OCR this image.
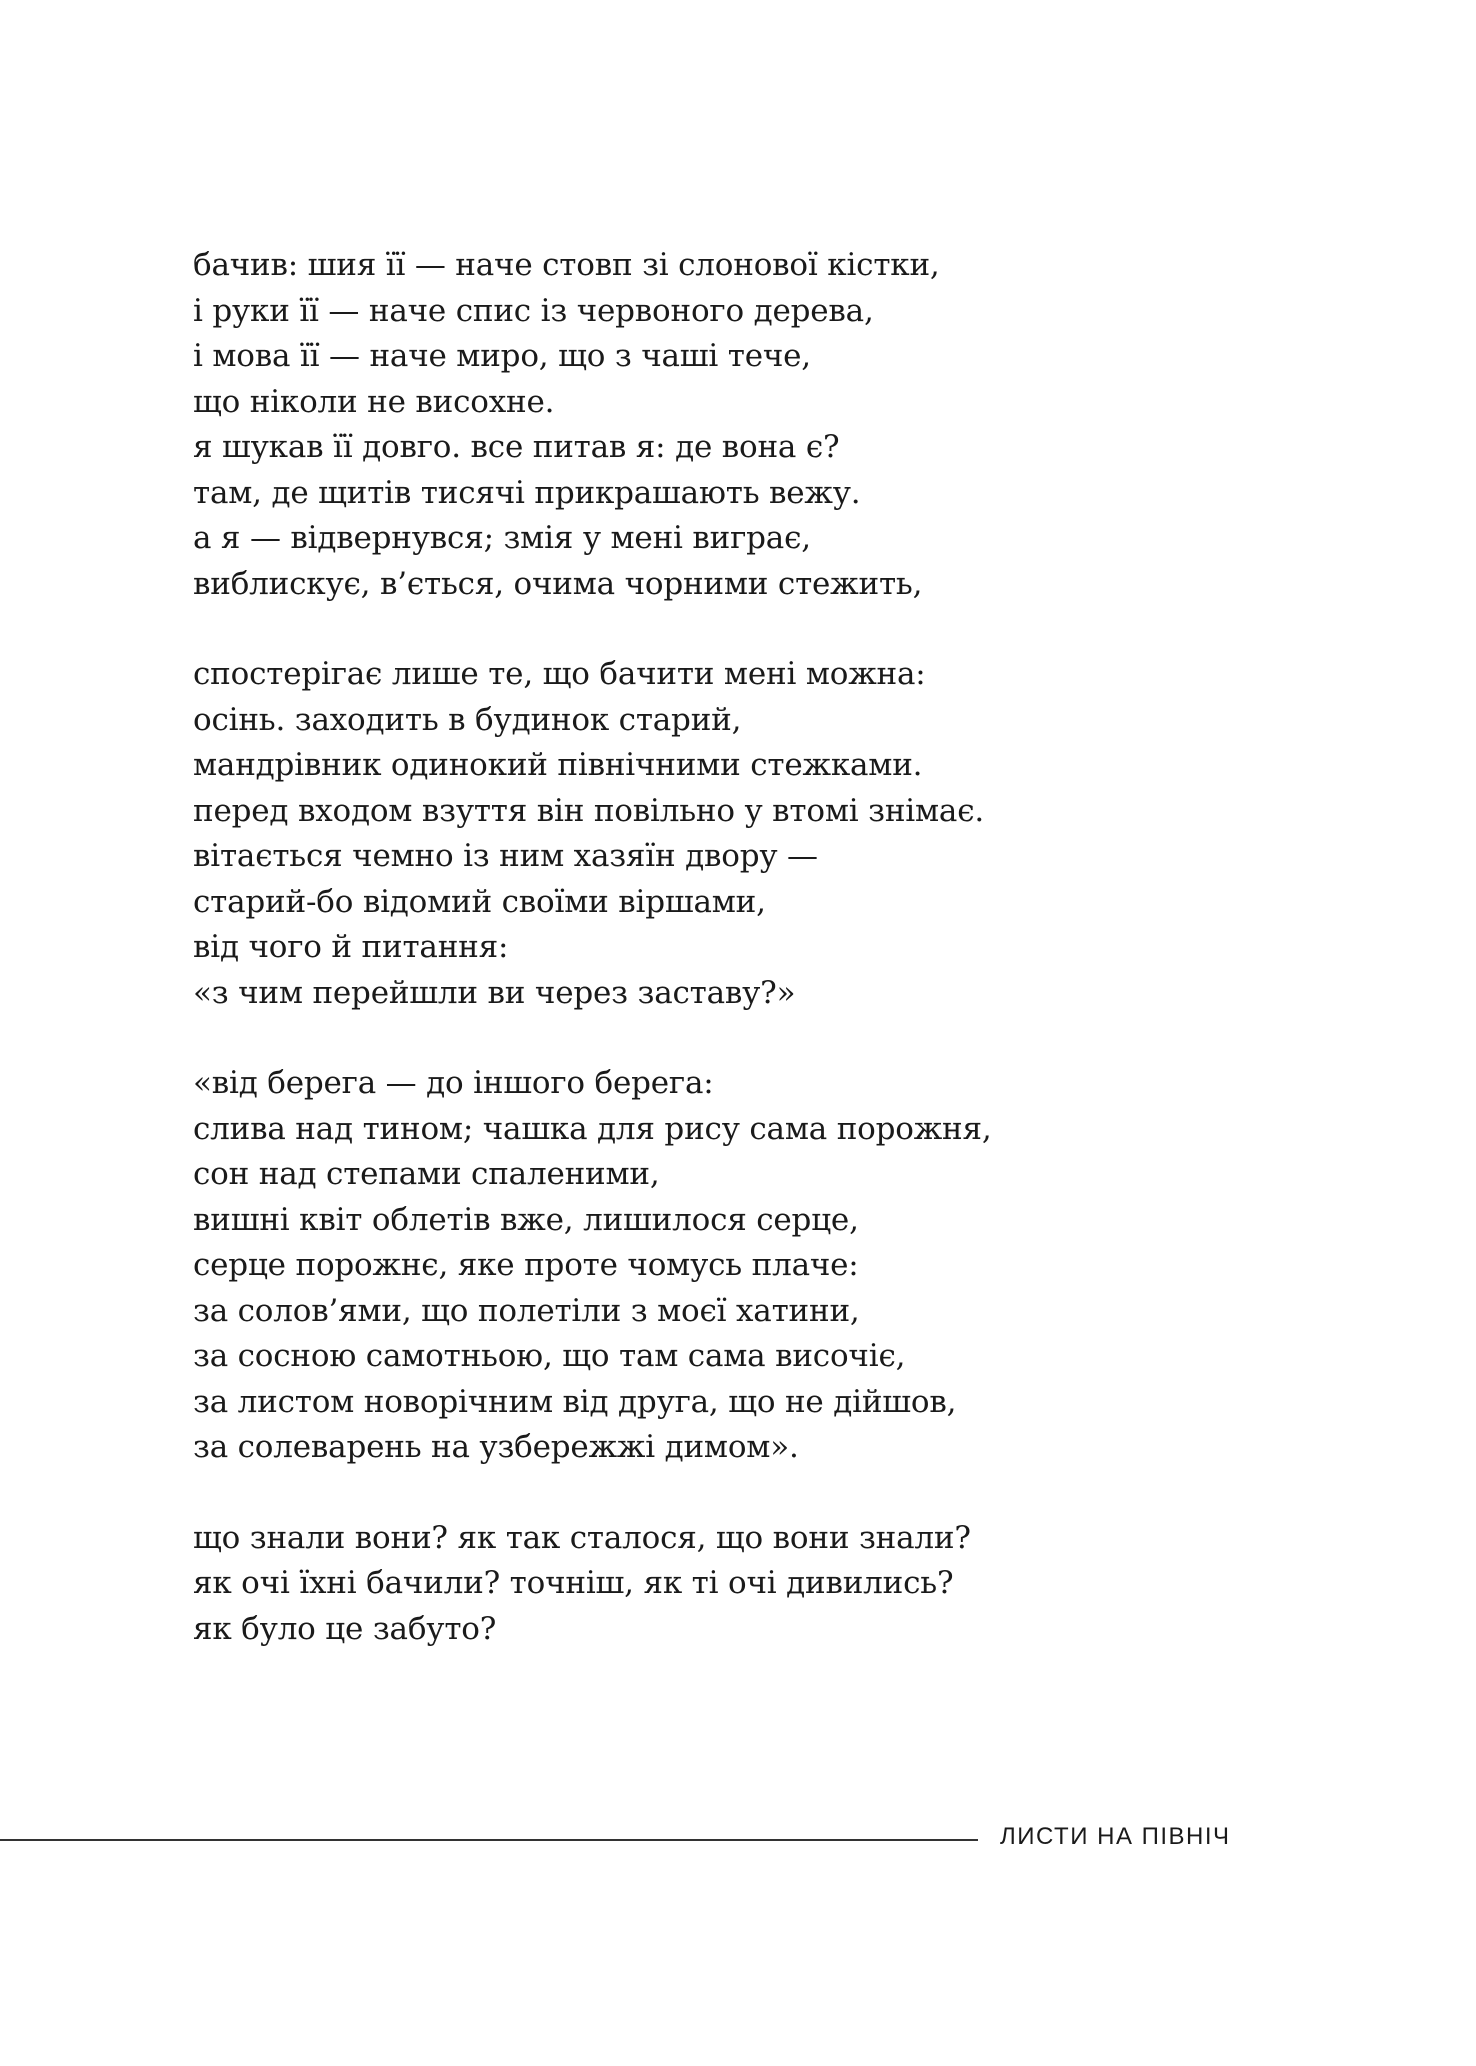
бачив: шия її — наче стовп зі слонової кістки,
і руки її — наче спис із червоного дерева,
і мова її — наче миро, що з чаші тече,
що ніколи не висохне.
я шукав її довго. все питав я: де вона є?
там, де щитів тисячі прикрашають вежу.
а я — відвернувся; змія у мені виграє,
виблискує, в’ється, очима чорними стежить,
спостерігає лише те, що бачити мені можна:
осінь. заходить в будинок старий,
мандрівник одинокий північними стежками.
перед входом взуття він повільно у втомі знімає.
вітається чемно із ним хазяїн двору —
старий-бо відомий своїми віршами,
від чого й питання:
«з чим перейшли ви через заставу?»
«від берега — до іншого берега:
слива над тином; чашка для рису сама порожня,
сон над степами спаленими,
вишні квіт облетів вже, лишилося серце,
серце порожнє, яке проте чомусь плаче:
за солов’ями, що полетіли з моєї хатини,
за сосною самотньою, що там сама височіє,
за листом новорічним від друга, що не дійшов,
за солеварень на узбережжі димом».
що знали вони? як так сталося, що вони знали?
як очі їхні бачили? точніш, як ті очі дивились?
як було це забуто?
ЛИСТИ НА ПІВНІЧ
